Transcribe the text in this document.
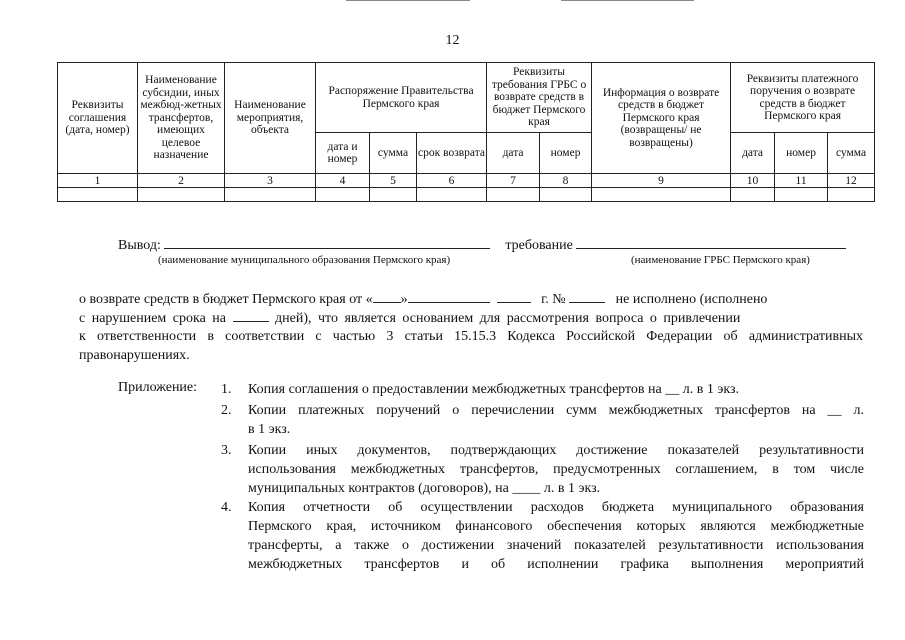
12
Реквизиты соглашения (дата, номер)	Наименование субсидии, иных межбюд-жетных трансфертов, имеющих целевое назначение	Наименование мероприятия, объекта	Распоряжение Правительства Пермского края			Реквизиты требования ГРБС о возврате средств в бюджет Пермского края		Информация о возврате средств в бюджет Пермского края (возвращены/ не возвращены)	Реквизиты платежного поручения о возврате средств в бюджет Пермского края		
			дата и номер	сумма	срок возврата	дата	номер		дата	номер	сумма
1	2	3	4	5	6	7	8	9	10	11	12

Вывод:	требование
(наименование муниципального образования Пермского края)	(наименование ГРБС Пермского края)
о возврате средств в бюджет Пермского края от « »	г. №	не исполнено (исполнено
с нарушением срока на	дней), что является основанием для рассмотрения вопроса о привлечении
к ответственности в соответствии с частью 3 статьи 15.15.3 Кодекса Российской Федерации об административных
правонарушениях.
Приложение: 1. Копия соглашения о предоставлении межбюджетных трансфертов на __ л. в 1 экз.
2. Копии платежных поручений о перечислении сумм межбюджетных трансфертов на __ л.
в 1 экз.
3. Копии иных документов, подтверждающих достижение показателей результативности
использования межбюджетных трансфертов, предусмотренных соглашением, в том числе
муниципальных контрактов (договоров), на ____ л. в 1 экз.
4. Копия отчетности об осуществлении расходов бюджета муниципального образования
Пермского края, источником финансового обеспечения которых являются межбюджетные
трансферты, а также о достижении значений показателей результативности использования
межбюджетных трансфертов и об исполнении графика выполнения мероприятий
